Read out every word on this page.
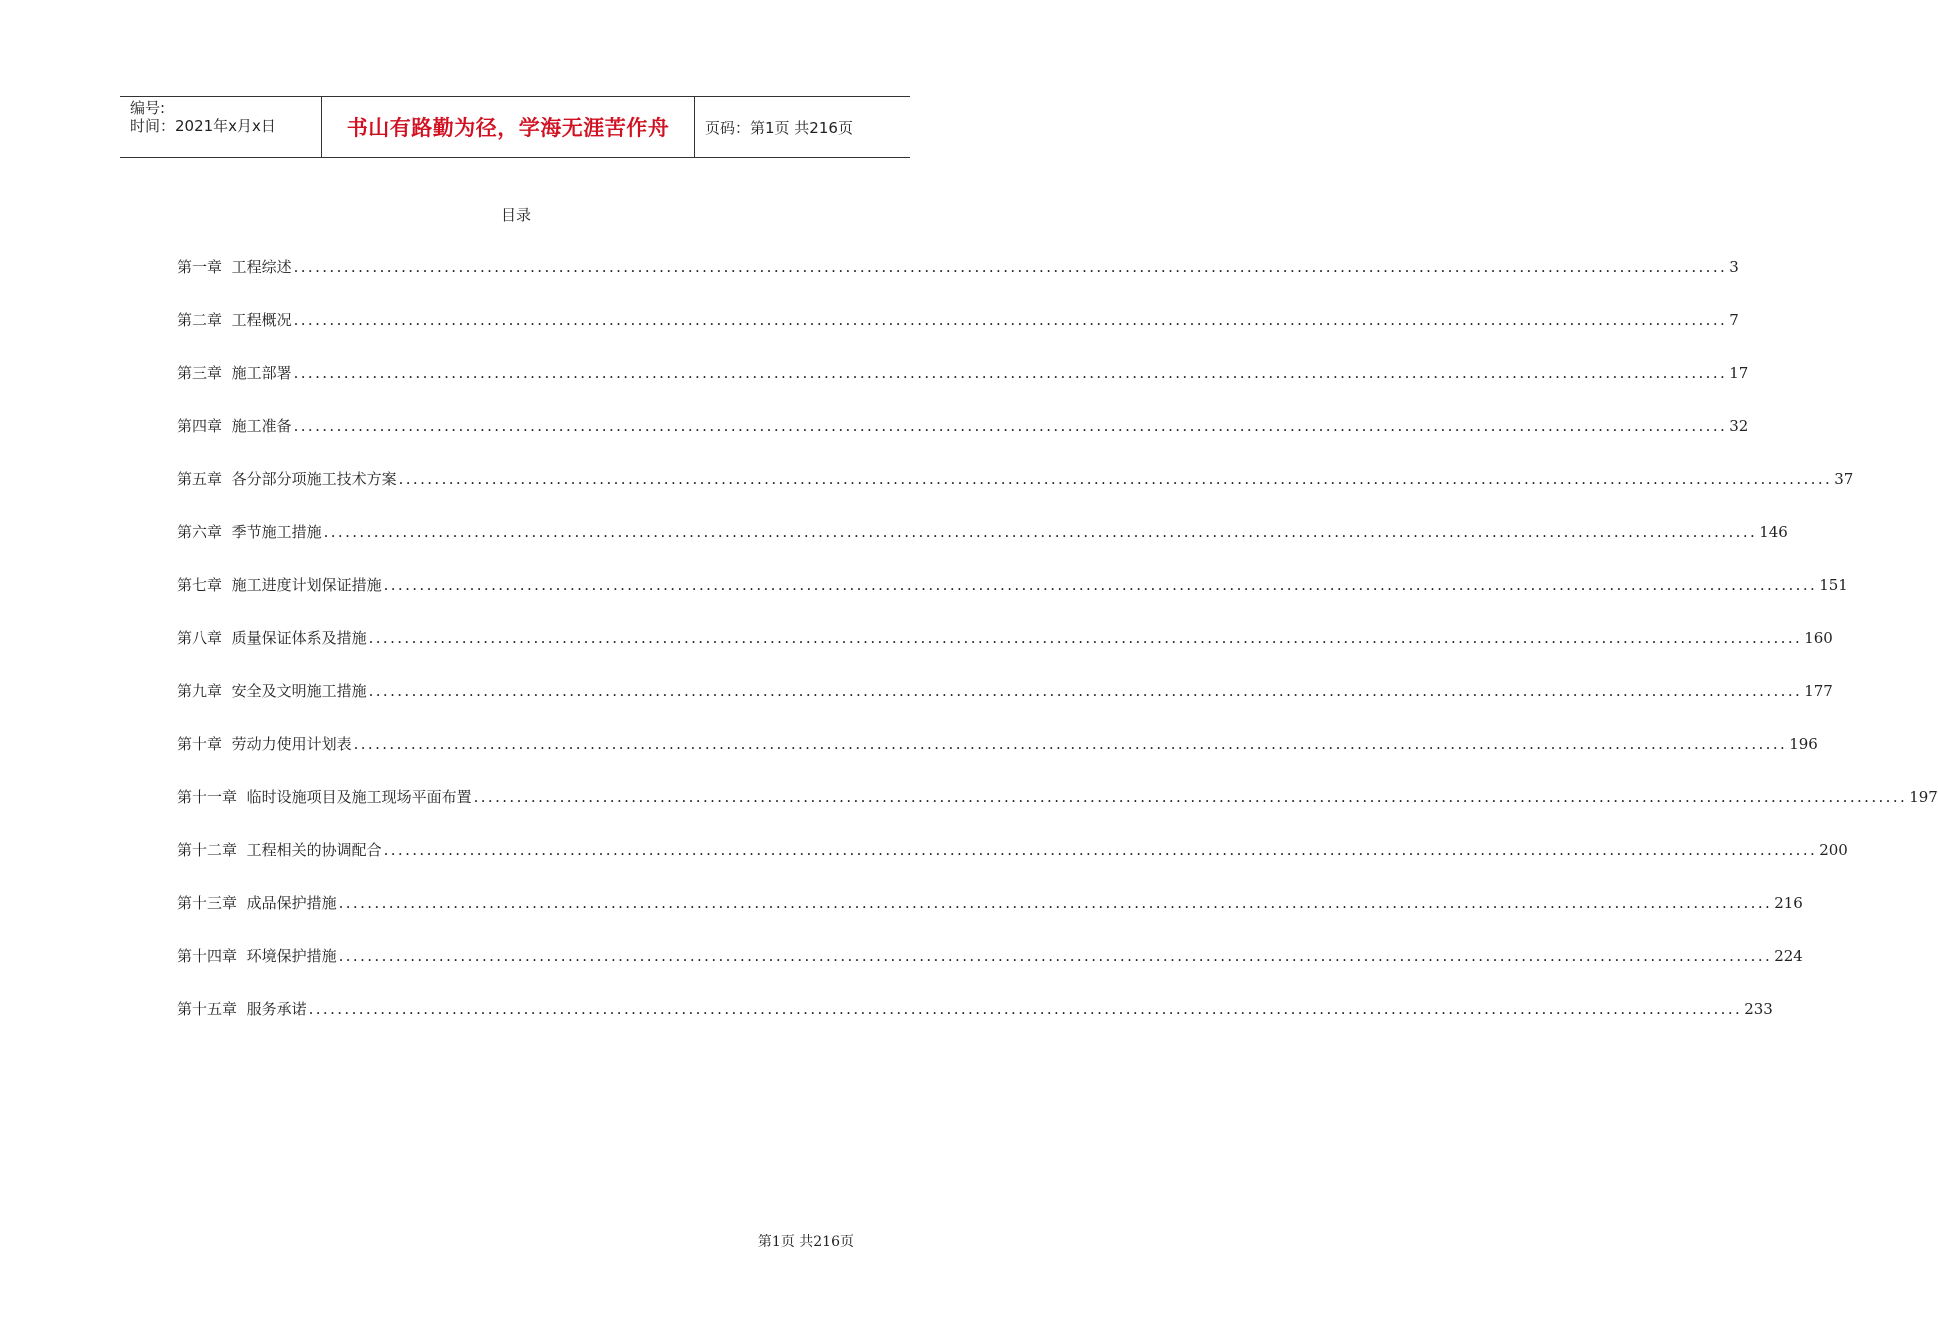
编号:
时间：2021年x月x日	书山有路勤为径，学海无涯苦作舟	页码：第1页 共216页
目录
第一章 工程综述 ........................................................................................................................................................................................................ 3
第二章 工程概况 ........................................................................................................................................................................................................ 7
第三章 施工部署 ........................................................................................................................................................................................................ 17
第四章 施工准备 ........................................................................................................................................................................................................ 32
第五章 各分部分项施工技术方案 ........................................................................................................................................................................................................ 37
第六章 季节施工措施 ........................................................................................................................................................................................................ 146
第七章 施工进度计划保证措施 ........................................................................................................................................................................................................ 151
第八章 质量保证体系及措施 ........................................................................................................................................................................................................ 160
第九章 安全及文明施工措施 ........................................................................................................................................................................................................ 177
第十章 劳动力使用计划表 ........................................................................................................................................................................................................ 196
第十一章 临时设施项目及施工现场平面布置 ........................................................................................................................................................................................................ 197
第十二章 工程相关的协调配合 ........................................................................................................................................................................................................ 200
第十三章 成品保护措施 ........................................................................................................................................................................................................ 216
第十四章 环境保护措施 ........................................................................................................................................................................................................ 224
第十五章 服务承诺 ........................................................................................................................................................................................................ 233
第1页 共216页
